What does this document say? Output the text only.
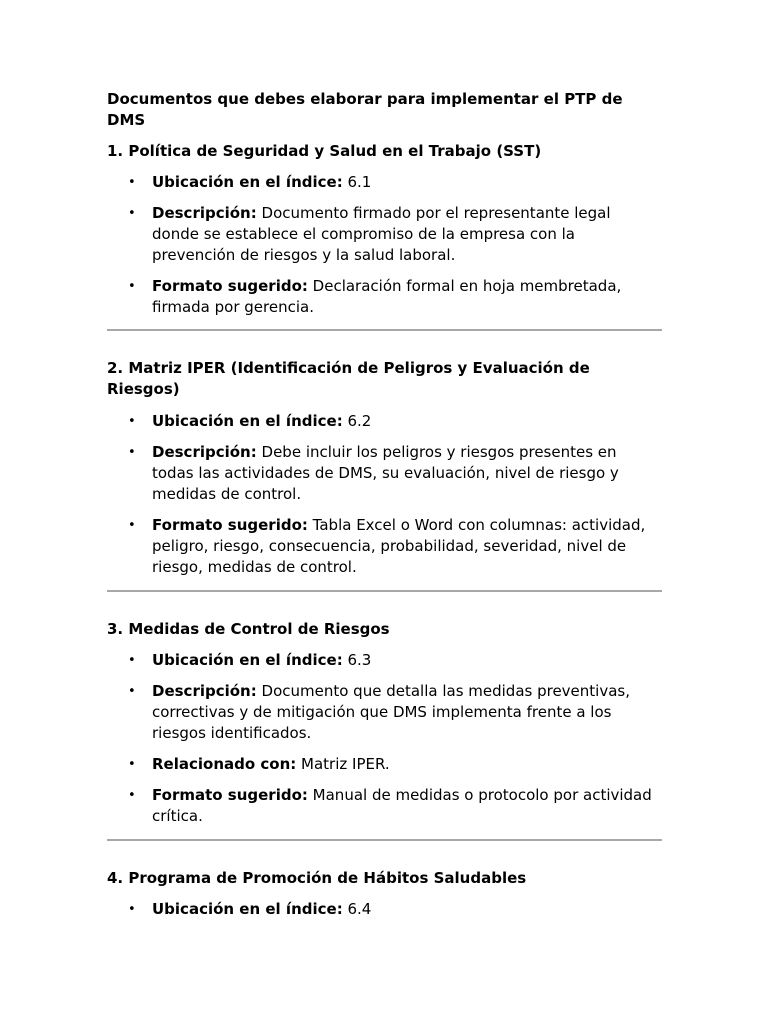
Documentos que debes elaborar para implementar el PTP de DMS

1. Política de Seguridad y Salud en el Trabajo (SST)

• Ubicación en el índice: 6.1
• Descripción: Documento firmado por el representante legal donde se establece el compromiso de la empresa con la prevención de riesgos y la salud laboral.
• Formato sugerido: Declaración formal en hoja membretada, firmada por gerencia.

2. Matriz IPER (Identificación de Peligros y Evaluación de Riesgos)

• Ubicación en el índice: 6.2
• Descripción: Debe incluir los peligros y riesgos presentes en todas las actividades de DMS, su evaluación, nivel de riesgo y medidas de control.
• Formato sugerido: Tabla Excel o Word con columnas: actividad, peligro, riesgo, consecuencia, probabilidad, severidad, nivel de riesgo, medidas de control.

3. Medidas de Control de Riesgos

• Ubicación en el índice: 6.3
• Descripción: Documento que detalla las medidas preventivas, correctivas y de mitigación que DMS implementa frente a los riesgos identificados.
• Relacionado con: Matriz IPER.
• Formato sugerido: Manual de medidas o protocolo por actividad crítica.

4. Programa de Promoción de Hábitos Saludables

• Ubicación en el índice: 6.4
